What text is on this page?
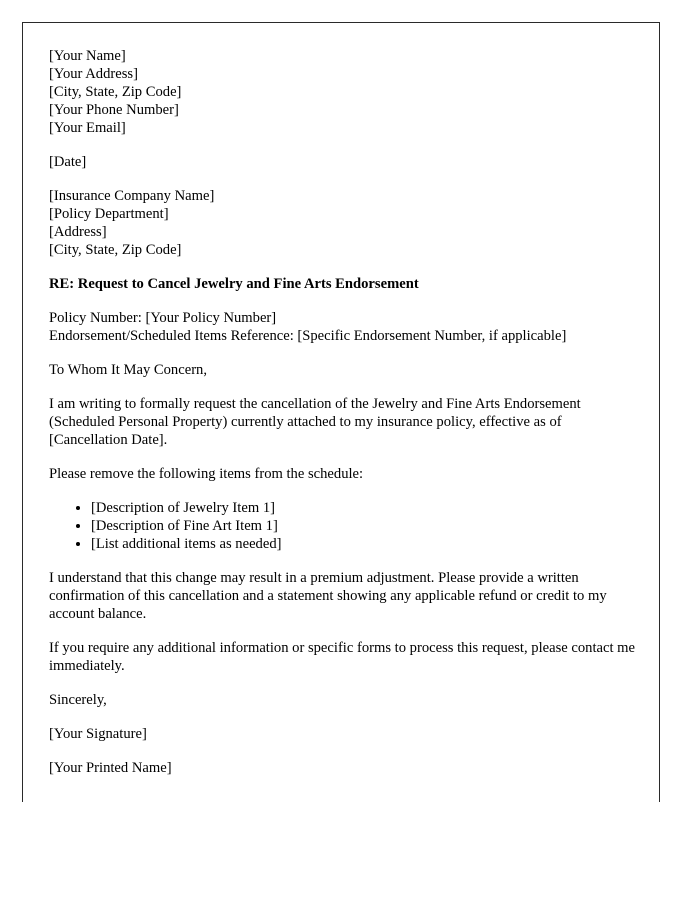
[Your Name]
[Your Address]
[City, State, Zip Code]
[Your Phone Number]
[Your Email]
[Date]
[Insurance Company Name]
[Policy Department]
[Address]
[City, State, Zip Code]
RE: Request to Cancel Jewelry and Fine Arts Endorsement
Policy Number: [Your Policy Number]
Endorsement/Scheduled Items Reference: [Specific Endorsement Number, if applicable]
To Whom It May Concern,
I am writing to formally request the cancellation of the Jewelry and Fine Arts Endorsement (Scheduled Personal Property) currently attached to my insurance policy, effective as of [Cancellation Date].
Please remove the following items from the schedule:
• [Description of Jewelry Item 1]
• [Description of Fine Art Item 1]
• [List additional items as needed]
I understand that this change may result in a premium adjustment. Please provide a written confirmation of this cancellation and a statement showing any applicable refund or credit to my account balance.
If you require any additional information or specific forms to process this request, please contact me immediately.
Sincerely,
[Your Signature]
[Your Printed Name]
